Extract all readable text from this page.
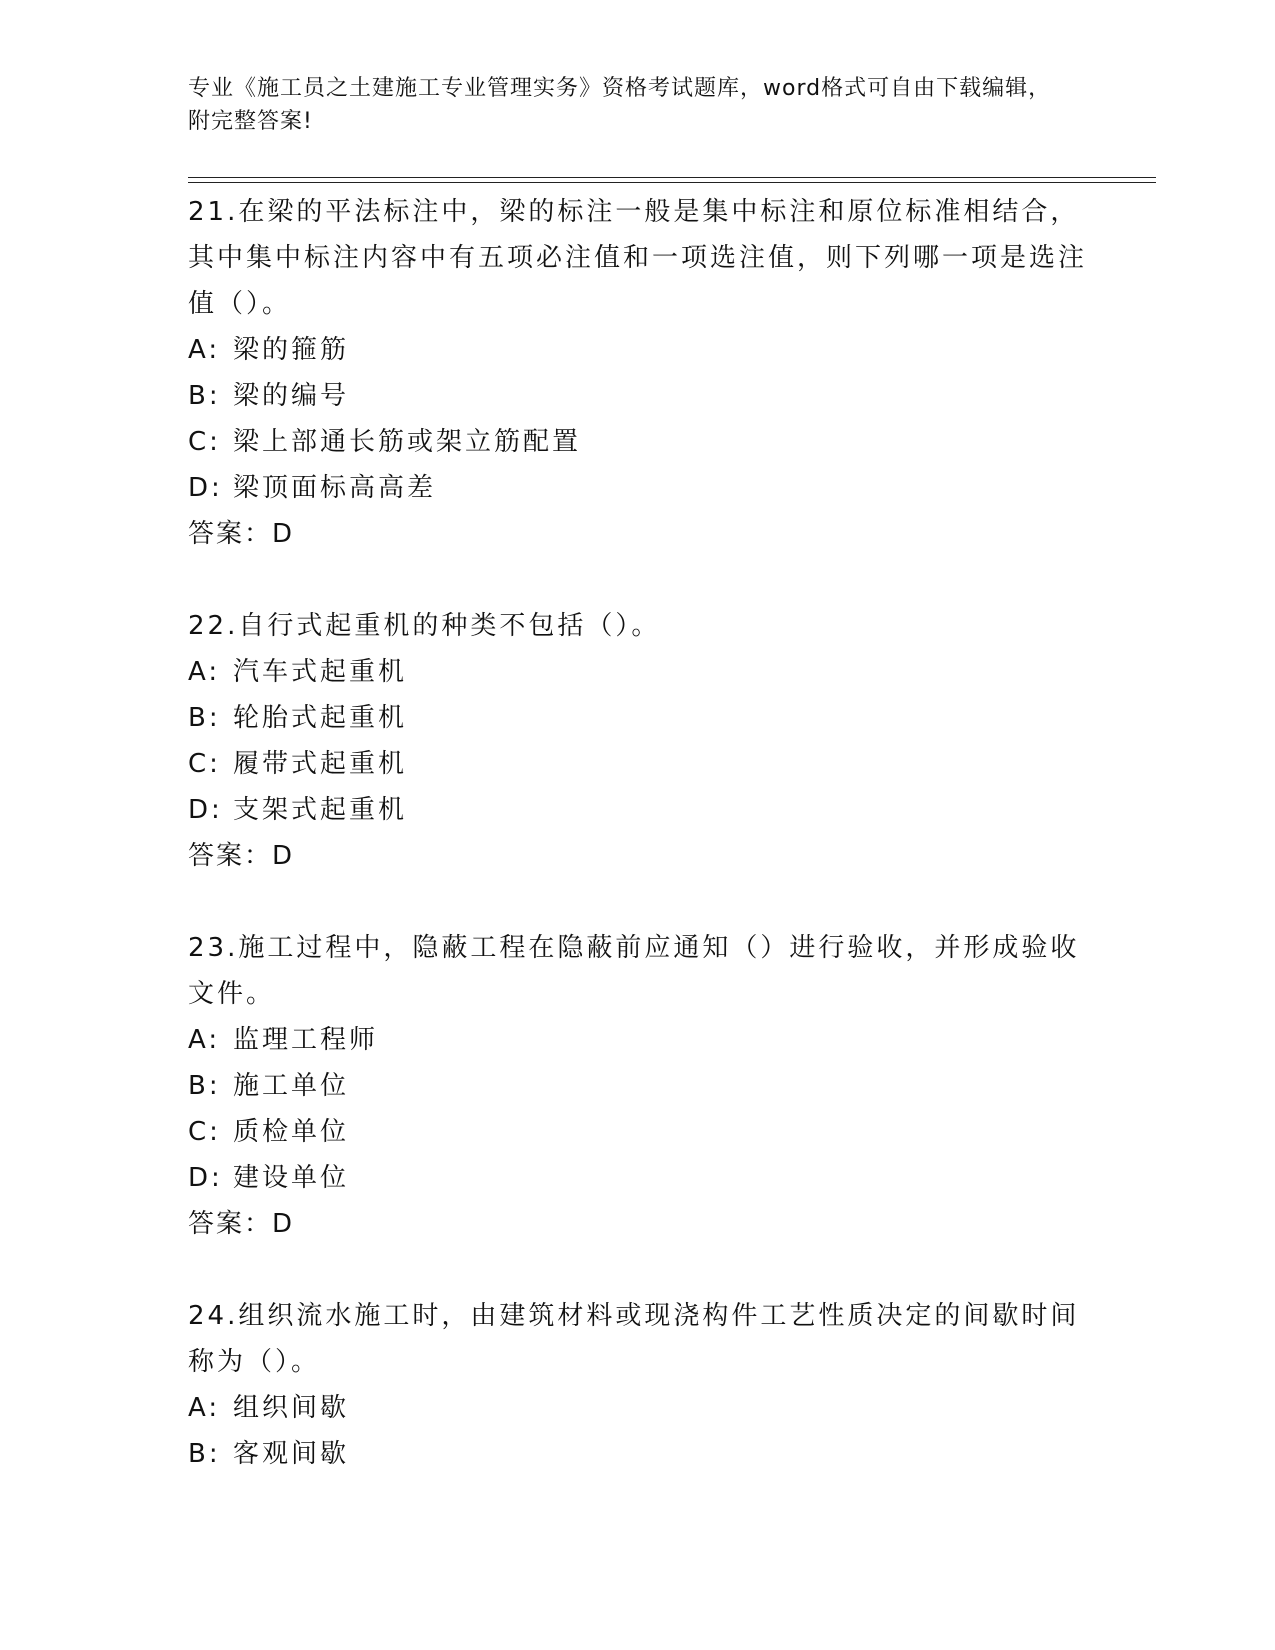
专业《施工员之土建施工专业管理实务》资格考试题库，word格式可自由下载编辑，附完整答案!
21.在梁的平法标注中，梁的标注一般是集中标注和原位标准相结合，其中集中标注内容中有五项必注值和一项选注值，则下列哪一项是选注值（）。
A: 梁的箍筋
B: 梁的编号
C: 梁上部通长筋或架立筋配置
D: 梁顶面标高高差
答案：D
22.自行式起重机的种类不包括（）。
A: 汽车式起重机
B: 轮胎式起重机
C: 履带式起重机
D: 支架式起重机
答案：D
23.施工过程中，隐蔽工程在隐蔽前应通知（）进行验收，并形成验收文件。
A: 监理工程师
B: 施工单位
C: 质检单位
D: 建设单位
答案：D
24.组织流水施工时，由建筑材料或现浇构件工艺性质决定的间歇时间称为（）。
A: 组织间歇
B: 客观间歇
